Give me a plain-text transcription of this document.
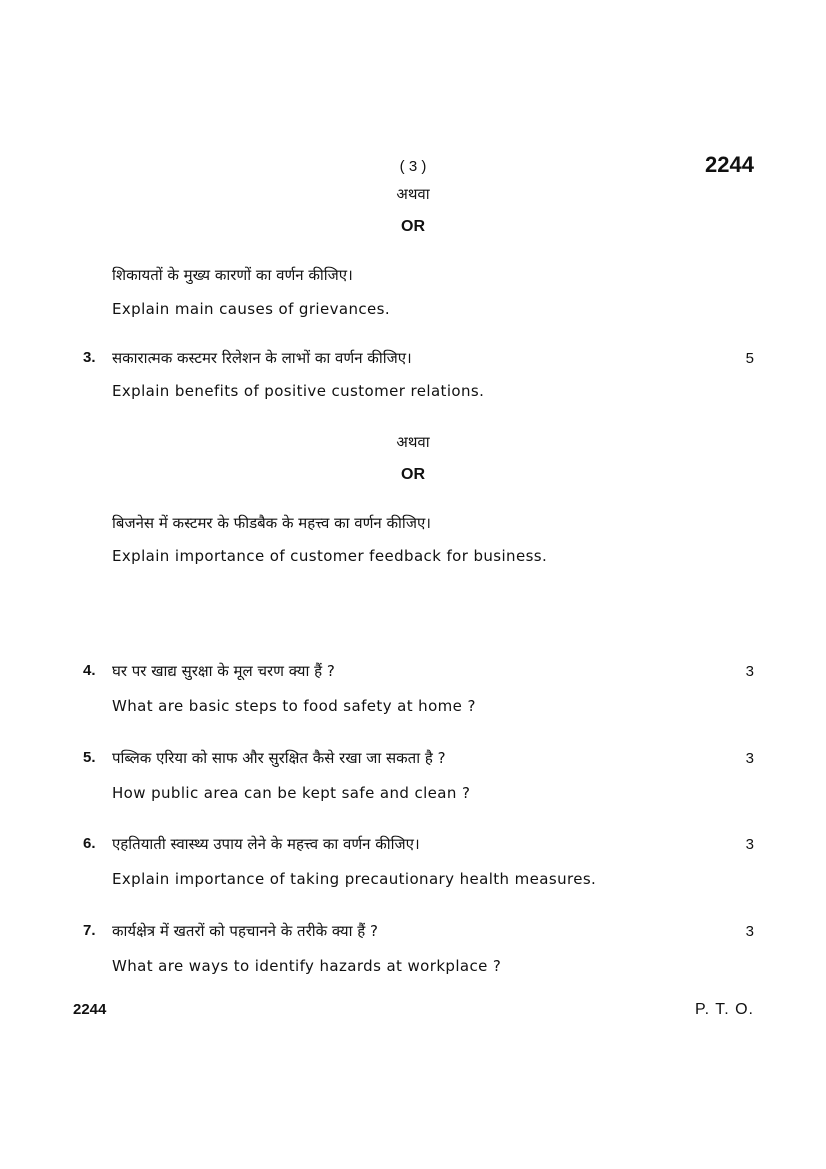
( 3 )	2244
अथवा
OR
शिकायतों के मुख्य कारणों का वर्णन कीजिए।
Explain main causes of grievances.
3. सकारात्मक कस्टमर रिलेशन के लाभों का वर्णन कीजिए।	5
Explain benefits of positive customer relations.
अथवा
OR
बिजनेस में कस्टमर के फीडबैक के महत्त्व का वर्णन कीजिए।
Explain importance of customer feedback for business.
4. घर पर खाद्य सुरक्षा के मूल चरण क्या हैं ?	3
What are basic steps to food safety at home ?
5. पब्लिक एरिया को साफ और सुरक्षित कैसे रखा जा सकता है ?	3
How public area can be kept safe and clean ?
6. एहतियाती स्वास्थ्य उपाय लेने के महत्त्व का वर्णन कीजिए।	3
Explain importance of taking precautionary health measures.
7. कार्यक्षेत्र में खतरों को पहचानने के तरीके क्या हैं ?	3
What are ways to identify hazards at workplace ?
2244	P. T. O.
